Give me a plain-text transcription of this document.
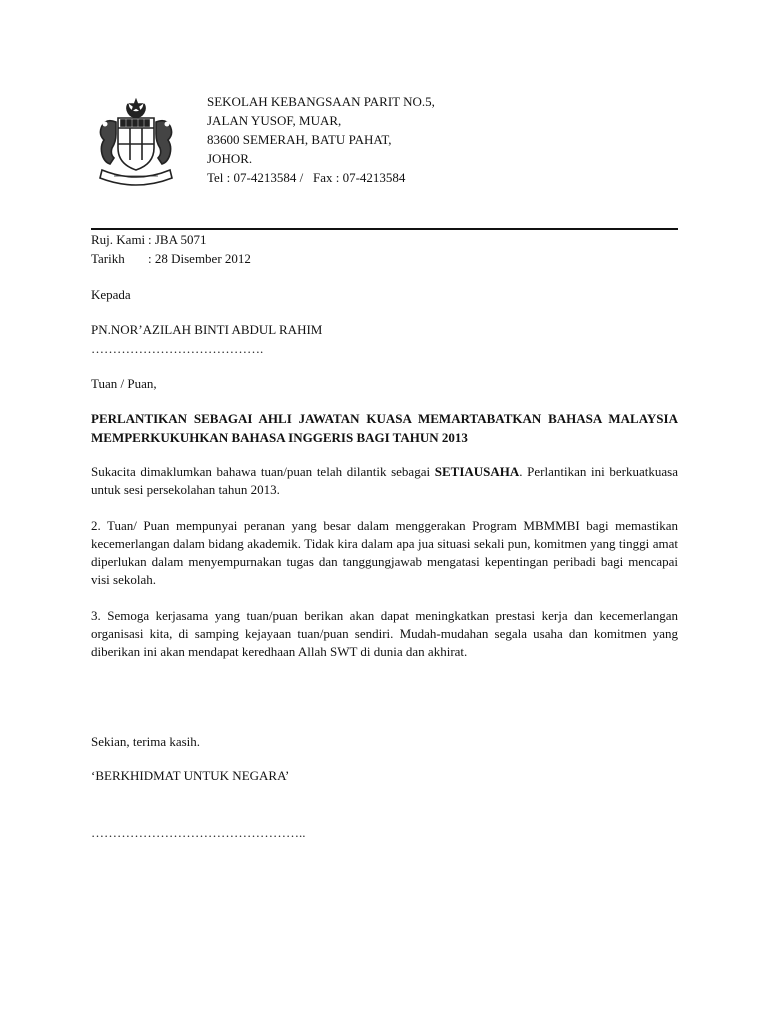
SEKOLAH KEBANGSAAN PARIT NO.5,
JALAN YUSOF, MUAR,
83600 SEMERAH, BATU PAHAT,
JOHOR.
Tel : 07-4213584 /   Fax : 07-4213584
Ruj. Kami : JBA 5071
Tarikh	: 28 Disember 2012
Kepada
PN.NOR’AZILAH BINTI ABDUL RAHIM
………………………………….
Tuan / Puan,
PERLANTIKAN SEBAGAI AHLI JAWATAN KUASA MEMARTABATKAN BAHASA MALAYSIA MEMPERKUKUHKAN BAHASA INGGERIS BAGI TAHUN 2013
Sukacita dimaklumkan bahawa tuan/puan telah dilantik sebagai SETIAUSAHA. Perlantikan ini berkuatkuasa untuk sesi persekolahan tahun 2013.
2. Tuan/ Puan mempunyai peranan yang besar dalam menggerakan Program MBMMBI bagi memastikan kecemerlangan dalam bidang akademik. Tidak kira dalam apa jua situasi sekali pun, komitmen yang tinggi amat diperlukan dalam menyempurnakan tugas dan tanggungjawab mengatasi kepentingan peribadi bagi mencapai visi sekolah.
3. Semoga kerjasama yang tuan/puan berikan akan dapat meningkatkan prestasi kerja dan kecemerlangan organisasi kita, di samping kejayaan tuan/puan sendiri. Mudah-mudahan segala usaha dan komitmen yang diberikan ini akan mendapat keredhaan Allah SWT di dunia dan akhirat.
Sekian, terima kasih.
‘BERKHIDMAT UNTUK NEGARA’
…………………………………………..
